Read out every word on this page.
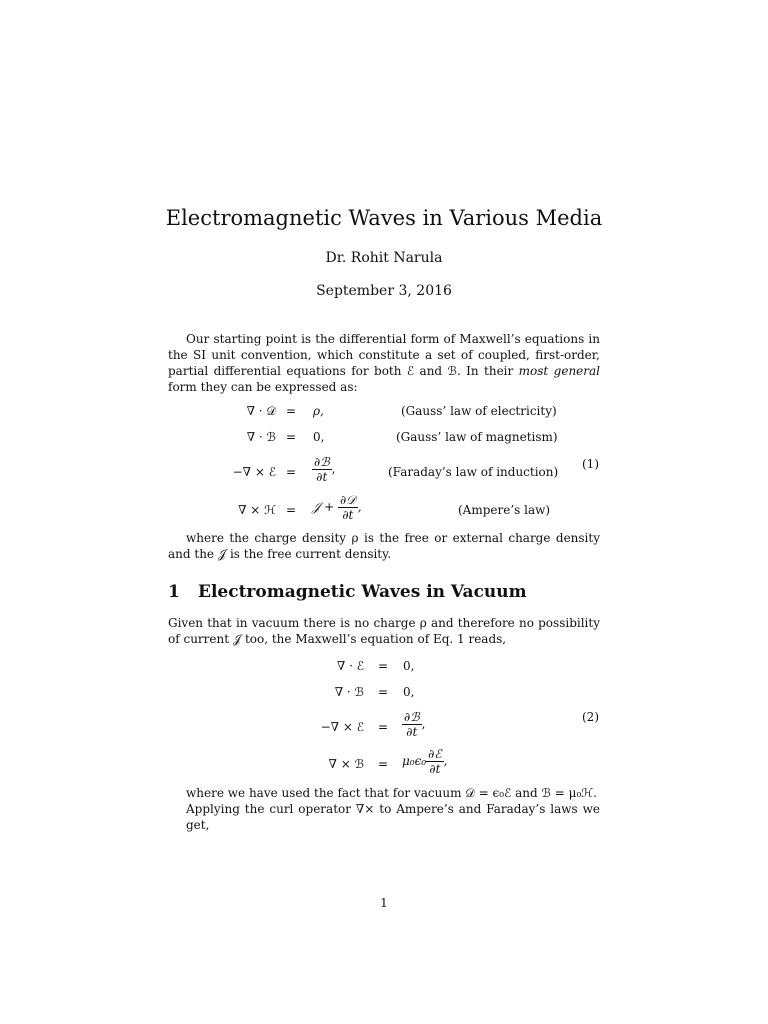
Electromagnetic Waves in Various Media
Dr. Rohit Narula
September 3, 2016
Our starting point is the differential form of Maxwell’s equations in the SI unit convention, which constitute a set of coupled, first-order, partial differential equations for both ℰ and ℬ. In their most general form they can be expressed as:
∇ · 𝒟 = ρ,	(Gauss’ law of electricity)
∇ · ℬ = 0,	(Gauss’ law of magnetism)
−∇ × ℰ = $\frac{\text{∂ℬ}}{\partial t}$ ,	(Faraday’s law of induction)
∇ × ℋ = 𝒥 + $\frac{\text{∂𝒟}}{\partial t}$ ,	(Ampere’s law)
(1)
where the charge density ρ is the free or external charge density and the 𝒥 is the free current density.
1 Electromagnetic Waves in Vacuum
Given that in vacuum there is no charge ρ and therefore no possibility of current 𝒥 too, the Maxwell’s equation of Eq. 1 reads,
∇ · ℰ = 0,
∇ · ℬ = 0,
−∇ × ℰ = $\frac{\text{∂ℬ}}{\partial t}$ ,
∇ × ℬ = $\mu_0\epsilon_0 \frac{\text{∂ℰ}}{\partial t}$ ,
(2)
where we have used the fact that for vacuum 𝒟 = ϵ₀ℰ and ℬ = μ₀ℋ.
Applying the curl operator ∇× to Ampere’s and Faraday’s laws we get,
1
